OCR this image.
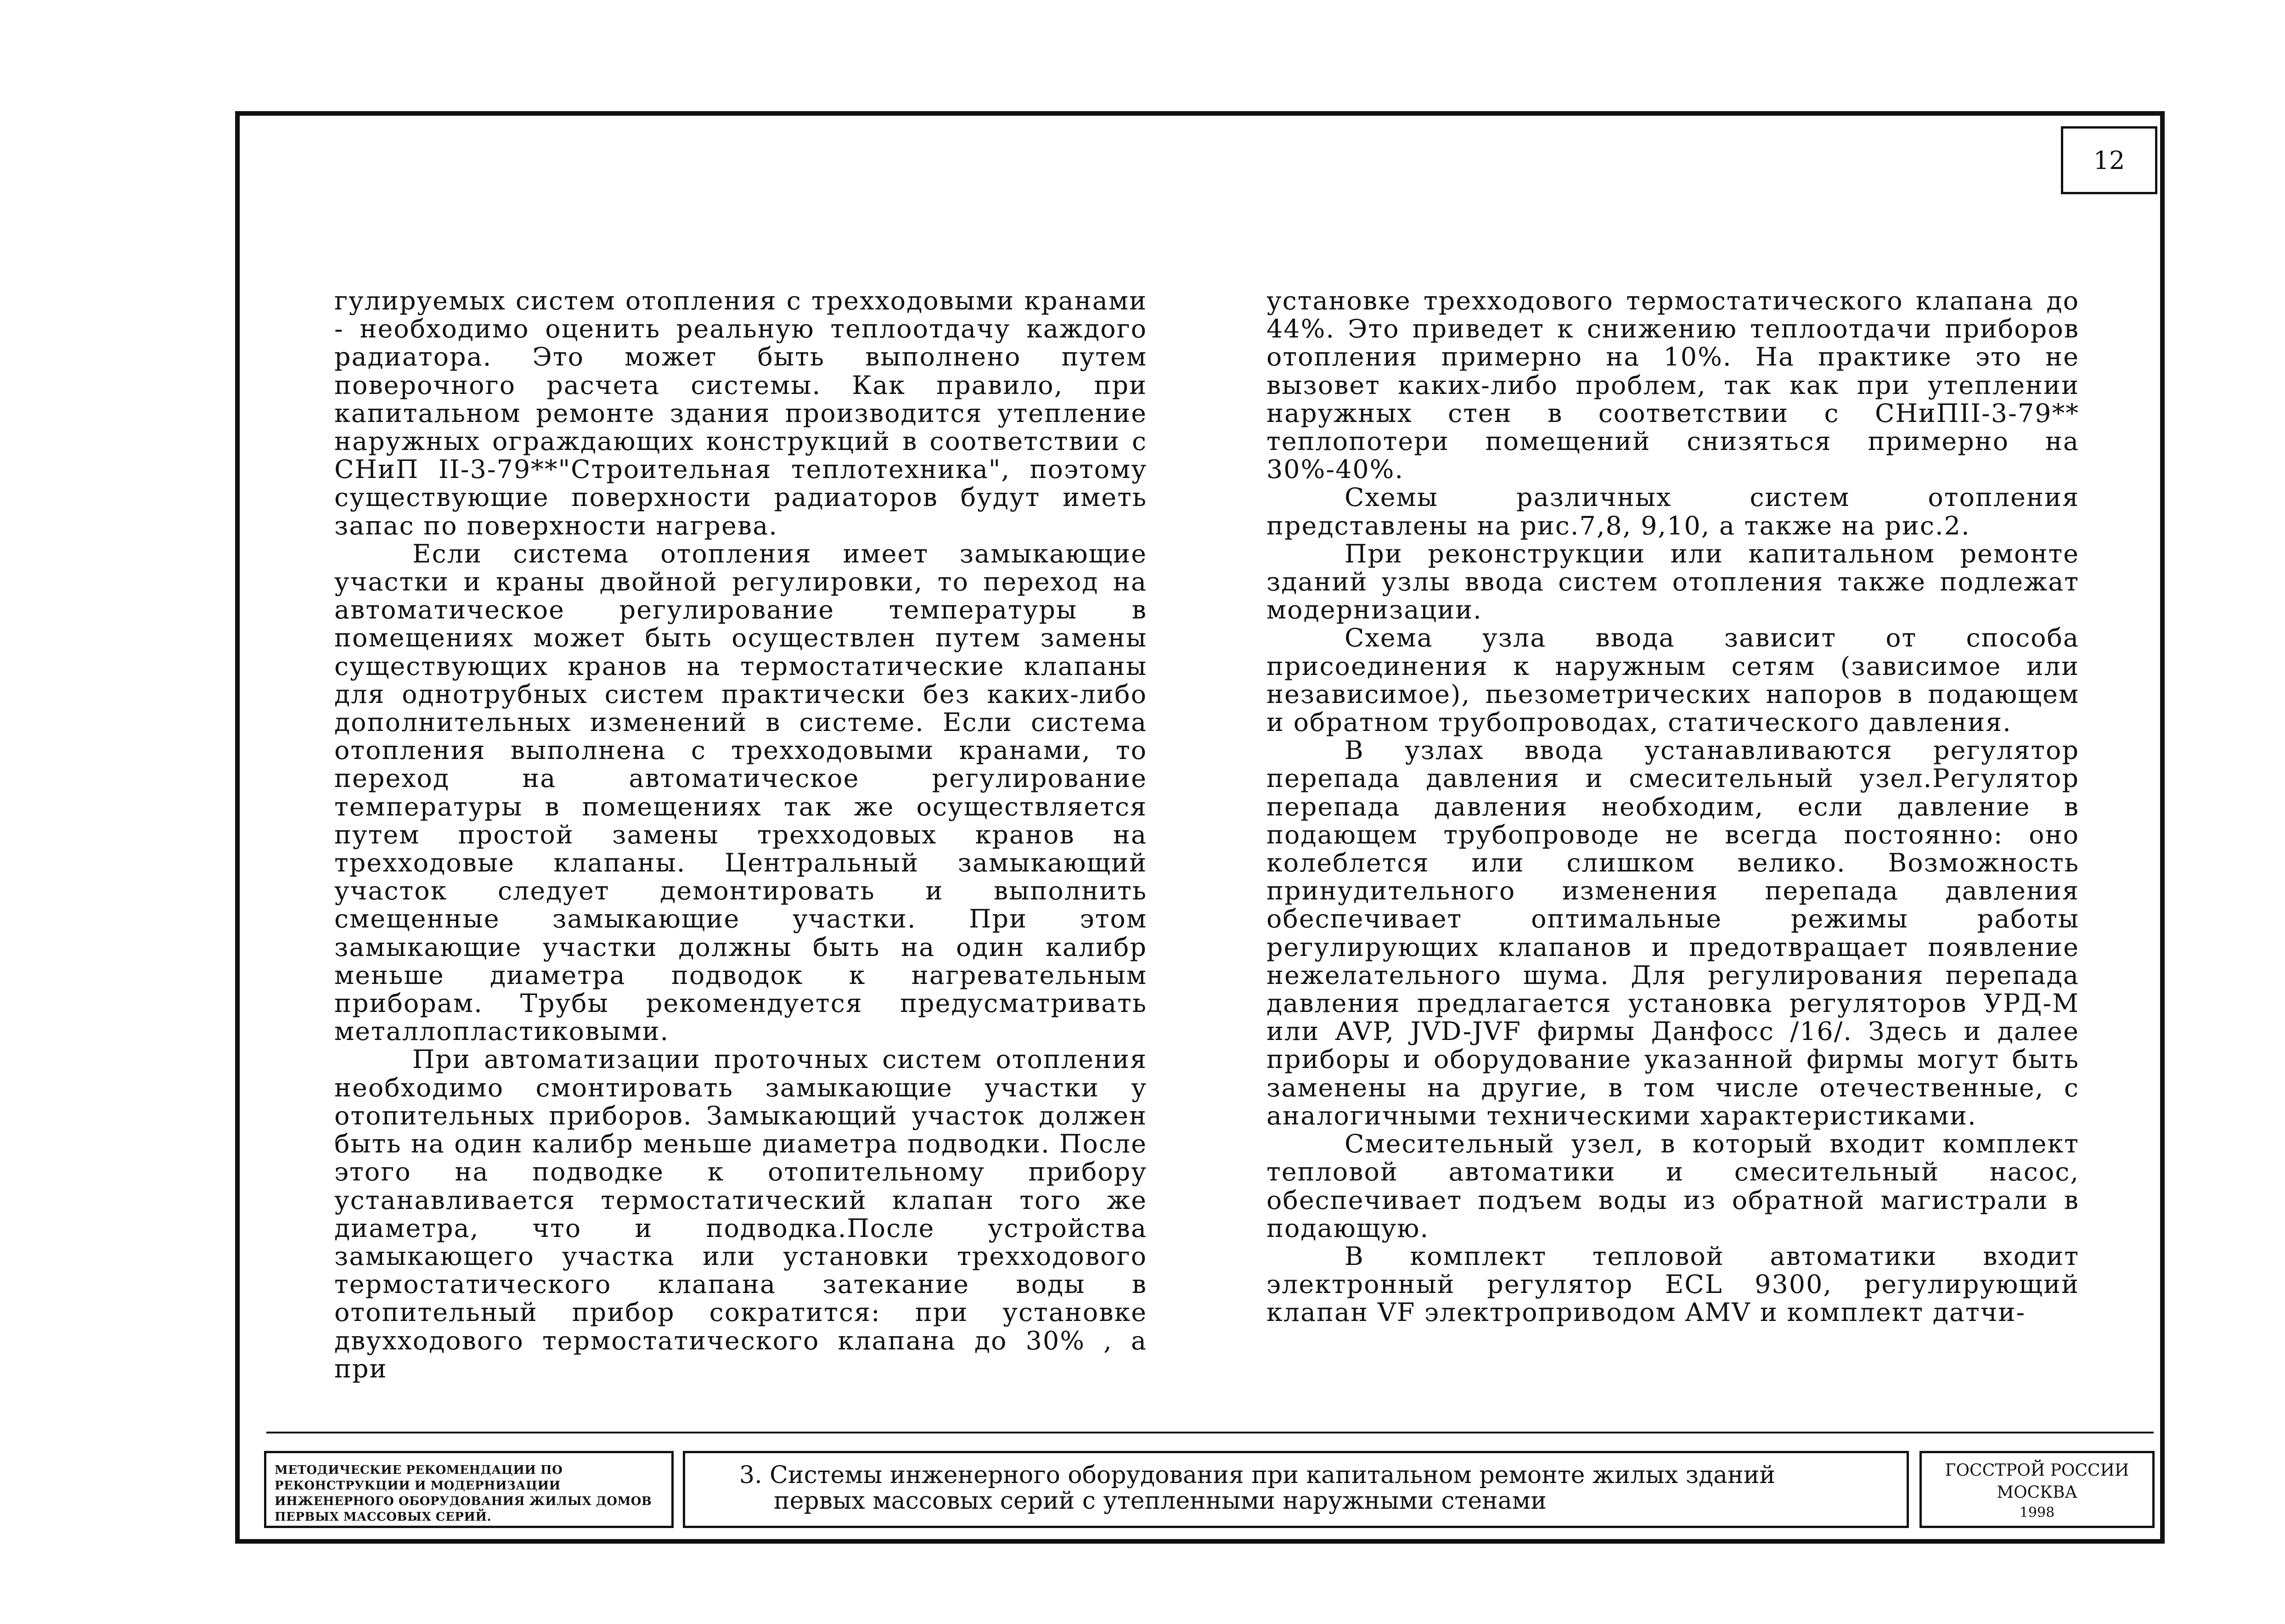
12

гулируемых систем отопления с трехходовыми кранами - необходимо оценить реальную теплоотдачу каждого радиатора. Это может быть выполнено путем поверочного расчета системы. Как правило, при капитальном ремонте здания производится утепление наружных ограждающих конструкций в соответствии с СНиП II-3-79**"Строительная теплотехника", поэтому существующие поверхности радиаторов будут иметь запас по поверхности нагрева.

Если система отопления имеет замыкающие участки и краны двойной регулировки, то переход на автоматическое регулирование температуры в помещениях может быть осуществлен путем замены существующих кранов на термостатические клапаны для однотрубных систем практически без каких-либо дополнительных изменений в системе. Если система отопления выполнена с трехходовыми кранами, то переход на автоматическое регулирование температуры в помещениях так же осуществляется путем простой замены трехходовых кранов на трехходовые клапаны. Центральный замыкающий участок следует демонтировать и выполнить смещенные замыкающие участки. При этом замыкающие участки должны быть на один калибр меньше диаметра подводок к нагревательным приборам. Трубы рекомендуется предусматривать металлопластиковыми.

При автоматизации проточных систем отопления необходимо смонтировать замыкающие участки у отопительных приборов. Замыкающий участок должен быть на один калибр меньше диаметра подводки. После этого на подводке к отопительному прибору устанавливается термостатический клапан того же диаметра, что и подводка.После устройства замыкающего участка или установки трехходового термостатического клапана затекание воды в отопительный прибор сократится: при установке двухходового термостатического клапана до 30% , а при

установке трехходового термостатического клапана до 44%. Это приведет к снижению теплоотдачи приборов отопления примерно на 10%. На практике это не вызовет каких-либо проблем, так как при утеплении наружных стен в соответствии с СНиПII-3-79** теплопотери помещений снизяться примерно на 30%-40%.

Схемы различных систем отопления представлены на рис.7,8, 9,10, а также на рис.2.

При реконструкции или капитальном ремонте зданий узлы ввода систем отопления также подлежат модернизации.

Схема узла ввода зависит от способа присоединения к наружным сетям (зависимое или независимое), пьезометрических напоров в подающем и обратном трубопроводах, статического давления.

В узлах ввода устанавливаются регулятор перепада давления и смесительный узел.Регулятор перепада давления необходим, если давление в подающем трубопроводе не всегда постоянно: оно колеблется или слишком велико. Возможность принудительного изменения перепада давления обеспечивает оптимальные режимы работы регулирующих клапанов и предотвращает появление нежелательного шума. Для регулирования перепада давления предлагается установка регуляторов УРД-М или AVP, JVD-JVF фирмы Данфосс /16/. Здесь и далее приборы и оборудование указанной фирмы могут быть заменены на другие, в том числе отечественные, с аналогичными техническими характеристиками.

Смесительный узел, в который входит комплект тепловой автоматики и смесительный насос, обеспечивает подъем воды из обратной магистрали в подающую.

В комплект тепловой автоматики входит электронный регулятор ECL 9300, регулирующий клапан VF электроприводом AMV и комплект датчи-

МЕТОДИЧЕСКИЕ РЕКОМЕНДАЦИИ ПО РЕКОНСТРУКЦИИ И МОДЕРНИЗАЦИИ ИНЖЕНЕРНОГО ОБОРУДОВАНИЯ ЖИЛЫХ ДОМОВ ПЕРВЫХ МАССОВЫХ СЕРИЙ.
3. Системы инженерного оборудования при капитальном ремонте жилых зданий
первых массовых серий с утепленными наружными стенами
ГОССТРОЙ РОССИИ
МОСКВА
1998
